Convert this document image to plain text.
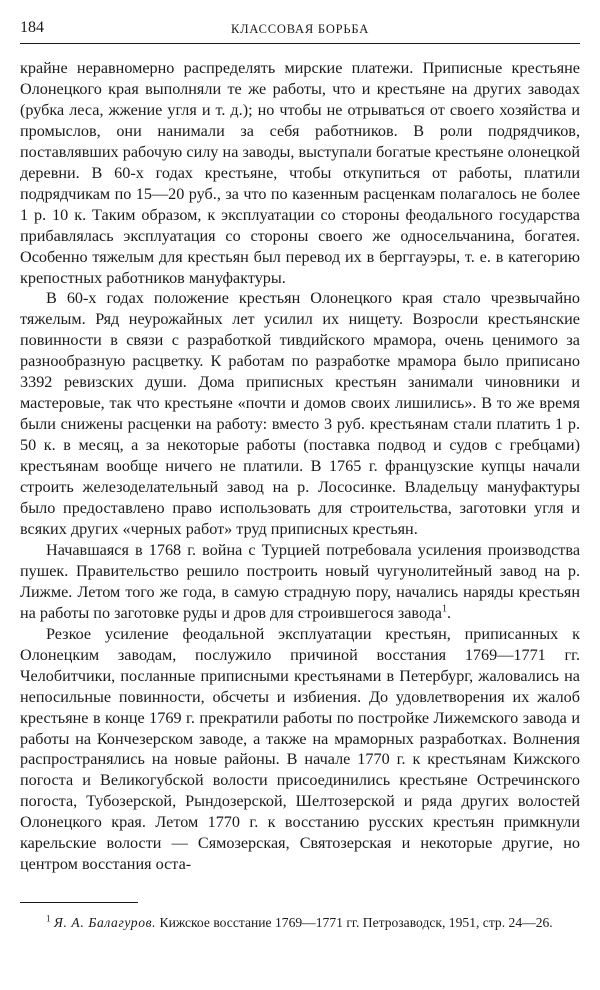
184	КЛАССОВАЯ БОРЬБА

крайне неравномерно распределять мирские платежи. Приписные крестьяне Олонецкого края выполняли те же работы, что и крестьяне на других заводах (рубка леса, жжение угля и т. д.); но чтобы не отрываться от своего хозяйства и промыслов, они нанимали за себя работников. В роли подрядчиков, поставлявших рабочую силу на заводы, выступали богатые крестьяне олонецкой деревни. В 60-х годах крестьяне, чтобы откупиться от работы, платили подрядчикам по 15—20 руб., за что по казенным расценкам полагалось не более 1 р. 10 к. Таким образом, к эксплуатации со стороны феодального государства прибавлялась эксплуатация со стороны своего же односельчанина, богатея. Особенно тяжелым для крестьян был перевод их в берггауэры, т. е. в категорию крепостных работников мануфактуры.

В 60-х годах положение крестьян Олонецкого края стало чрезвычайно тяжелым. Ряд неурожайных лет усилил их нищету. Возросли крестьянские повинности в связи с разработкой тивдийского мрамора, очень ценимого за разнообразную расцветку. К работам по разработке мрамора было приписано 3392 ревизских души. Дома приписных крестьян занимали чиновники и мастеровые, так что крестьяне «почти и домов своих лишились». В то же время были снижены расценки на работу: вместо 3 руб. крестьянам стали платить 1 р. 50 к. в месяц, а за некоторые работы (поставка подвод и судов с гребцами) крестьянам вообще ничего не платили. В 1765 г. французские купцы начали строить железоделательный завод на р. Лососинке. Владельцу мануфактуры было предоставлено право использовать для строительства, заготовки угля и всяких других «черных работ» труд приписных крестьян.

Начавшаяся в 1768 г. война с Турцией потребовала усиления производства пушек. Правительство решило построить новый чугунолитейный завод на р. Лижме. Летом того же года, в самую страдную пору, начались наряды крестьян на работы по заготовке руды и дров для строившегося завода$^1$.

Резкое усиление феодальной эксплуатации крестьян, приписанных к Олонецким заводам, послужило причиной восстания 1769—1771 гг. Челобитчики, посланные приписными крестьянами в Петербург, жаловались на непосильные повинности, обсчеты и избиения. До удовлетворения их жалоб крестьяне в конце 1769 г. прекратили работы по постройке Лижемского завода и работы на Кончезерском заводе, а также на мраморных разработках. Волнения распространялись на новые районы. В начале 1770 г. к крестьянам Кижского погоста и Великогубской волости присоединились крестьяне Остречинского погоста, Тубозерской, Рындозерской, Шелтозерской и ряда других волостей Олонецкого края. Летом 1770 г. к восстанию русских крестьян примкнули карельские волости — Сямозерская, Святозерская и некоторые другие, но центром восстания оста-

$^1$ Я. А. Балагуров. Кижское восстание 1769—1771 гг. Петрозаводск, 1951, стр. 24—26.
